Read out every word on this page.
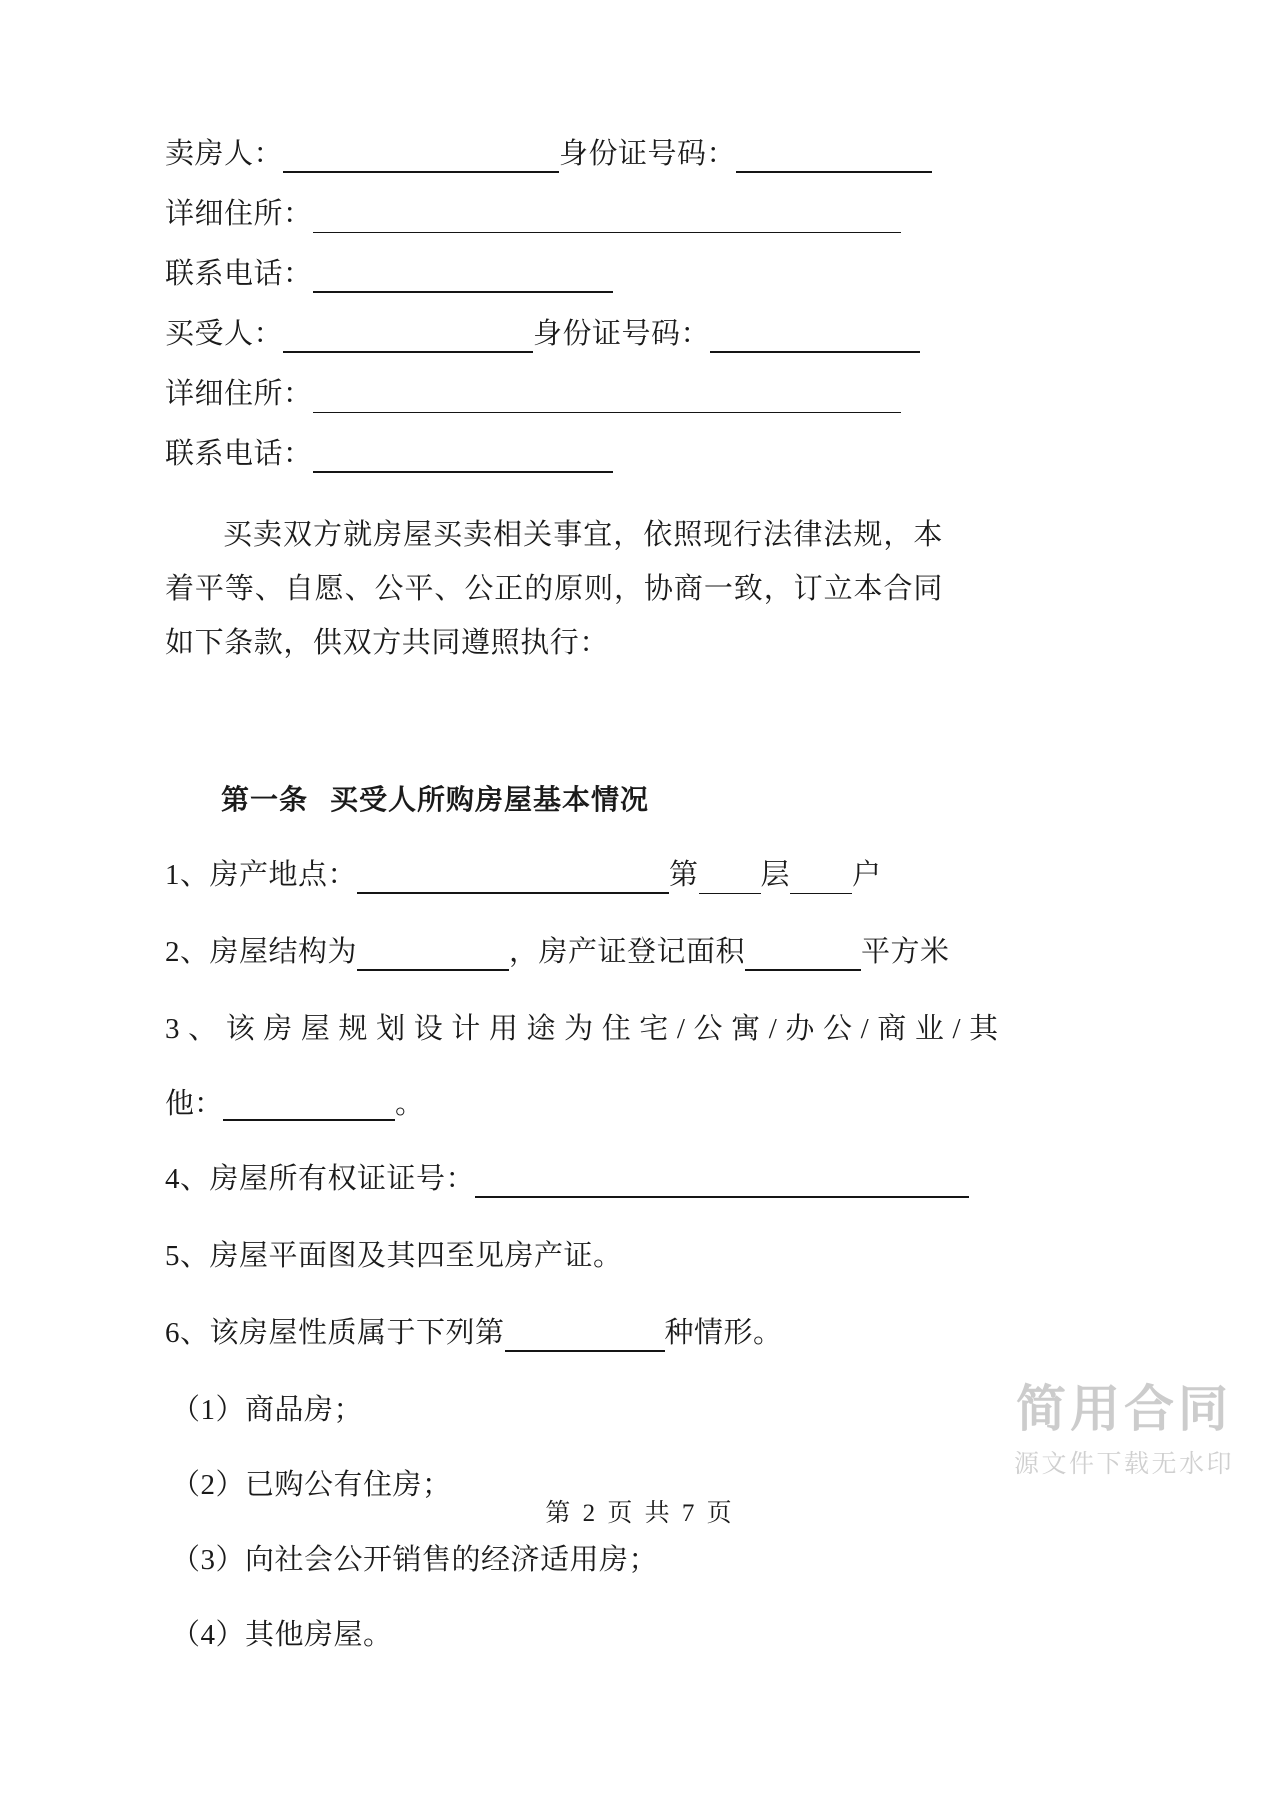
卖房人：	身份证号码：
详细住所：
联系电话：
买受人：	身份证号码：
详细住所：
联系电话：
买卖双方就房屋买卖相关事宜，依照现行法律法规，本着平等、自愿、公平、公正的原则，协商一致，订立本合同如下条款，供双方共同遵照执行：
第一条 买受人所购房屋基本情况
1、房产地点：	第 层 户
2、房屋结构为	，房产证登记面积	平方米
3、该房屋规划设计用途为住宅/公寓/办公/商业/其
他：	。
4、房屋所有权证证号：
5、房屋平面图及其四至见房产证。
6、该房屋性质属于下列第	种情形。
（1）商品房；
（2）已购公有住房；
（3）向社会公开销售的经济适用房；
（4）其他房屋。
简用合同
源文件下载无水印
第 2 页 共 7 页
